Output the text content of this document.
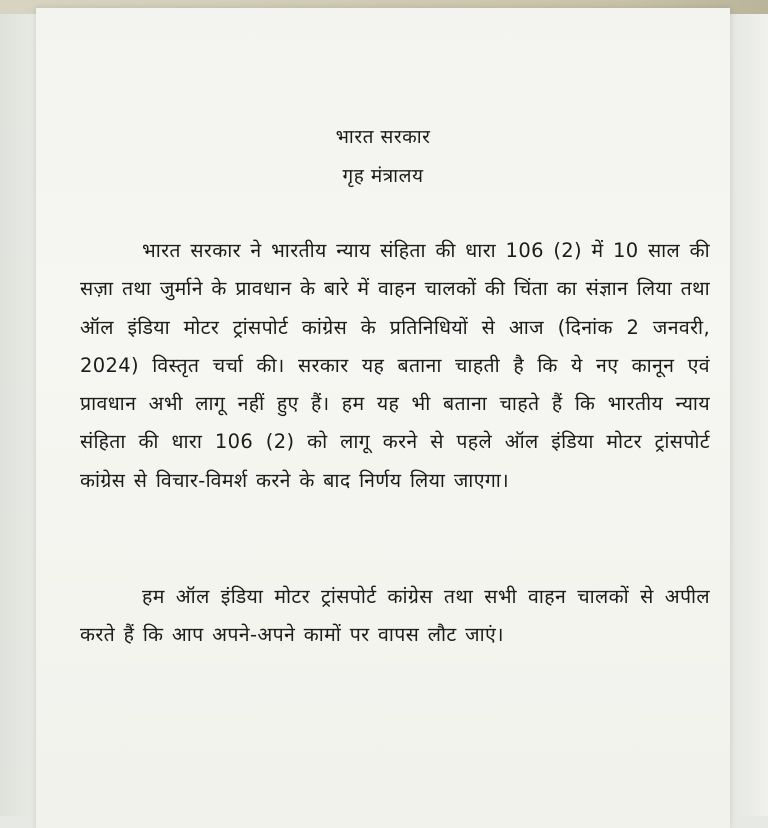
भारत सरकार
गृह मंत्रालय
भारत सरकार ने भारतीय न्याय संहिता की धारा 106 (2) में 10 साल की सज़ा तथा जुर्माने के प्रावधान के बारे में वाहन चालकों की चिंता का संज्ञान लिया तथा ऑल इंडिया मोटर ट्रांसपोर्ट कांग्रेस के प्रतिनिधियों से आज (दिनांक 2 जनवरी, 2024) विस्तृत चर्चा की। सरकार यह बताना चाहती है कि ये नए कानून एवं प्रावधान अभी लागू नहीं हुए हैं। हम यह भी बताना चाहते हैं कि भारतीय न्याय संहिता की धारा 106 (2) को लागू करने से पहले ऑल इंडिया मोटर ट्रांसपोर्ट कांग्रेस से विचार-विमर्श करने के बाद निर्णय लिया जाएगा।
हम ऑल इंडिया मोटर ट्रांसपोर्ट कांग्रेस तथा सभी वाहन चालकों से अपील करते हैं कि आप अपने-अपने कामों पर वापस लौट जाएं।
